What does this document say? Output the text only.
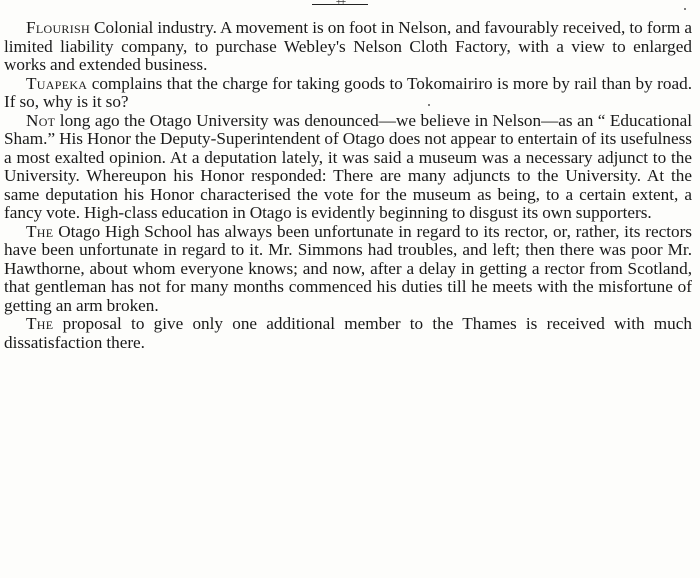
++

Flourish Colonial industry. A movement is on foot in Nelson, and favourably received, to form a limited liability company, to purchase Webley's Nelson Cloth Factory, with a view to enlarged works and extended business.

Tuapeka complains that the charge for taking goods to Tokomairiro is more by rail than by road. If so, why is it so?

Not long ago the Otago University was denounced—we believe in Nelson—as an “ Educational Sham.” His Honor the Deputy-Superintendent of Otago does not appear to entertain of its usefulness a most exalted opinion. At a deputation lately, it was said a museum was a necessary adjunct to the University. Whereupon his Honor responded: There are many adjuncts to the University. At the same deputation his Honor characterised the vote for the museum as being, to a certain extent, a fancy vote. High-class education in Otago is evidently beginning to disgust its own supporters.

The Otago High School has always been unfortunate in regard to its rector, or, rather, its rectors have been unfortunate in regard to it. Mr. Simmons had troubles, and left; then there was poor Mr. Hawthorne, about whom everyone knows; and now, after a delay in getting a rector from Scotland, that gentleman has not for many months commenced his duties till he meets with the misfortune of getting an arm broken.

The proposal to give only one additional member to the Thames is received with much dissatisfaction there.
